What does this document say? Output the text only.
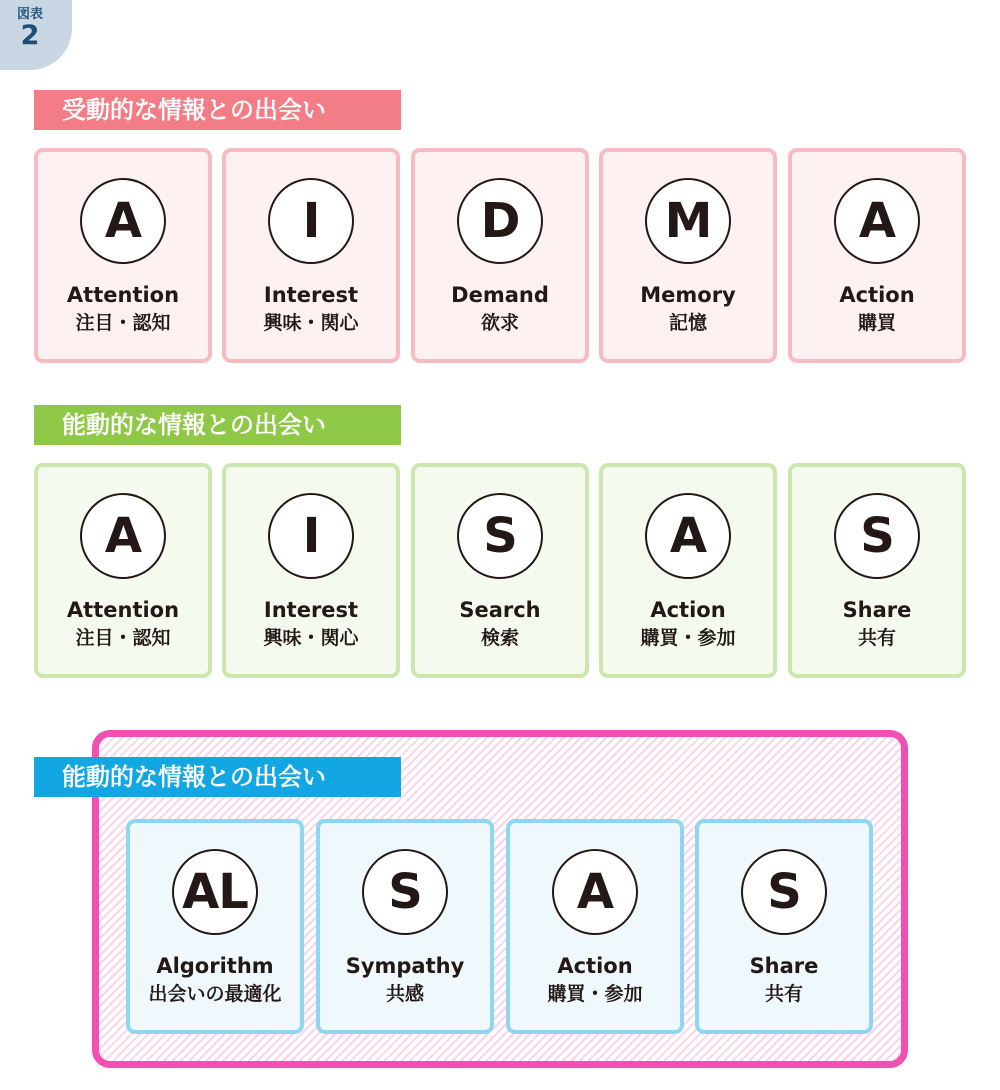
図表
2
受動的な情報との出会い
A
Attention
注目・認知
I
Interest
興味・関心
D
Demand
欲求
M
Memory
記憶
A
Action
購買
能動的な情報との出会い
A
Attention
注目・認知
I
Interest
興味・関心
S
Search
検索
A
Action
購買・参加
S
Share
共有
能動的な情報との出会い
AL
Algorithm
出会いの最適化
S
Sympathy
共感
A
Action
購買・参加
S
Share
共有
